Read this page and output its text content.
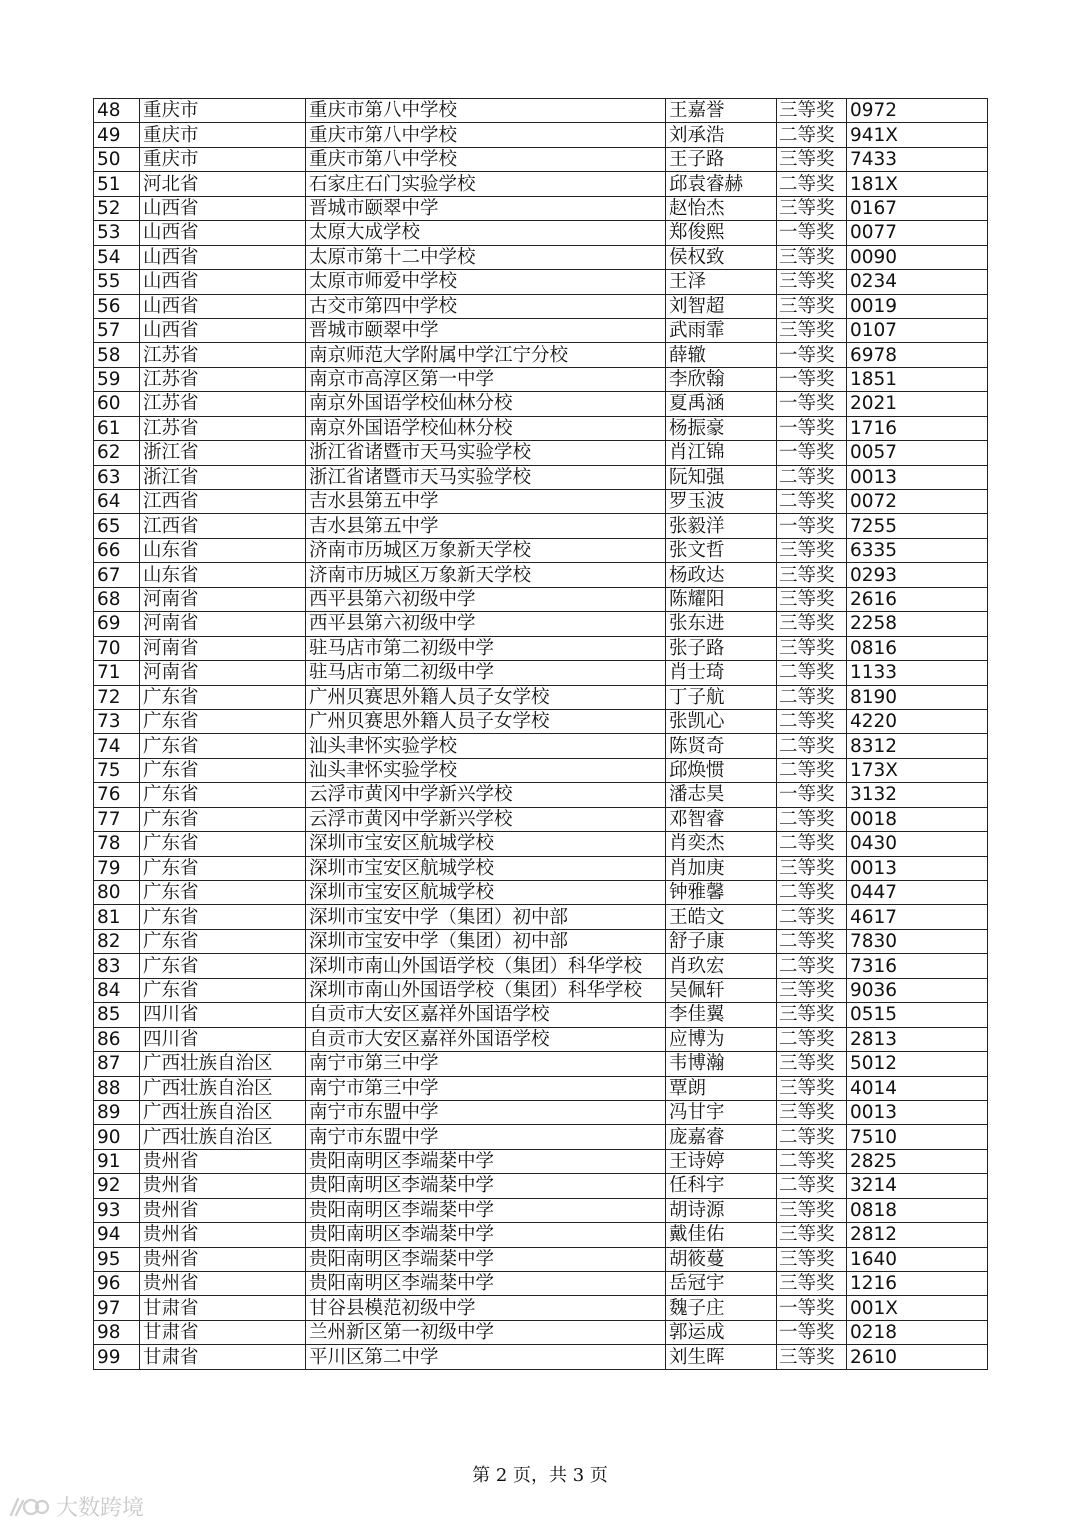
48	重庆市	重庆市第八中学校	王嘉誉	三等奖	0972
49	重庆市	重庆市第八中学校	刘承浩	二等奖	941X
50	重庆市	重庆市第八中学校	王子路	三等奖	7433
51	河北省	石家庄石门实验学校	邱袁睿赫	二等奖	181X
52	山西省	晋城市颐翠中学	赵怡杰	三等奖	0167
53	山西省	太原大成学校	郑俊熙	一等奖	0077
54	山西省	太原市第十二中学校	侯权致	三等奖	0090
55	山西省	太原市师爱中学校	王泽	三等奖	0234
56	山西省	古交市第四中学校	刘智超	三等奖	0019
57	山西省	晋城市颐翠中学	武雨霏	三等奖	0107
58	江苏省	南京师范大学附属中学江宁分校	薛辙	一等奖	6978
59	江苏省	南京市高淳区第一中学	李欣翰	一等奖	1851
60	江苏省	南京外国语学校仙林分校	夏禹涵	一等奖	2021
61	江苏省	南京外国语学校仙林分校	杨振豪	一等奖	1716
62	浙江省	浙江省诸暨市天马实验学校	肖江锦	一等奖	0057
63	浙江省	浙江省诸暨市天马实验学校	阮知强	二等奖	0013
64	江西省	吉水县第五中学	罗玉波	二等奖	0072
65	江西省	吉水县第五中学	张毅洋	一等奖	7255
66	山东省	济南市历城区万象新天学校	张文哲	三等奖	6335
67	山东省	济南市历城区万象新天学校	杨政达	三等奖	0293
68	河南省	西平县第六初级中学	陈耀阳	三等奖	2616
69	河南省	西平县第六初级中学	张东进	三等奖	2258
70	河南省	驻马店市第二初级中学	张子路	三等奖	0816
71	河南省	驻马店市第二初级中学	肖士琦	二等奖	1133
72	广东省	广州贝赛思外籍人员子女学校	丁子航	二等奖	8190
73	广东省	广州贝赛思外籍人员子女学校	张凯心	二等奖	4220
74	广东省	汕头聿怀实验学校	陈贤奇	二等奖	8312
75	广东省	汕头聿怀实验学校	邱焕惯	二等奖	173X
76	广东省	云浮市黄冈中学新兴学校	潘志昊	一等奖	3132
77	广东省	云浮市黄冈中学新兴学校	邓智睿	二等奖	0018
78	广东省	深圳市宝安区航城学校	肖奕杰	二等奖	0430
79	广东省	深圳市宝安区航城学校	肖加庚	三等奖	0013
80	广东省	深圳市宝安区航城学校	钟雅馨	二等奖	0447
81	广东省	深圳市宝安中学（集团）初中部	王皓文	二等奖	4617
82	广东省	深圳市宝安中学（集团）初中部	舒子康	二等奖	7830
83	广东省	深圳市南山外国语学校（集团）科华学校	肖玖宏	二等奖	7316
84	广东省	深圳市南山外国语学校（集团）科华学校	吴佩轩	三等奖	9036
85	四川省	自贡市大安区嘉祥外国语学校	李佳翼	三等奖	0515
86	四川省	自贡市大安区嘉祥外国语学校	应博为	二等奖	2813
87	广西壮族自治区	南宁市第三中学	韦博瀚	三等奖	5012
88	广西壮族自治区	南宁市第三中学	覃朗	三等奖	4014
89	广西壮族自治区	南宁市东盟中学	冯甘宇	三等奖	0013
90	广西壮族自治区	南宁市东盟中学	庞嘉睿	二等奖	7510
91	贵州省	贵阳南明区李端棻中学	王诗婷	二等奖	2825
92	贵州省	贵阳南明区李端棻中学	任科宇	二等奖	3214
93	贵州省	贵阳南明区李端棻中学	胡诗源	三等奖	0818
94	贵州省	贵阳南明区李端棻中学	戴佳佑	三等奖	2812
95	贵州省	贵阳南明区李端棻中学	胡筱蔓	三等奖	1640
96	贵州省	贵阳南明区李端棻中学	岳冠宇	三等奖	1216
97	甘肃省	甘谷县模范初级中学	魏子庄	一等奖	001X
98	甘肃省	兰州新区第一初级中学	郭运成	一等奖	0218
99	甘肃省	平川区第二中学	刘生晖	三等奖	2610
第 2 页，共 3 页
大数跨境
